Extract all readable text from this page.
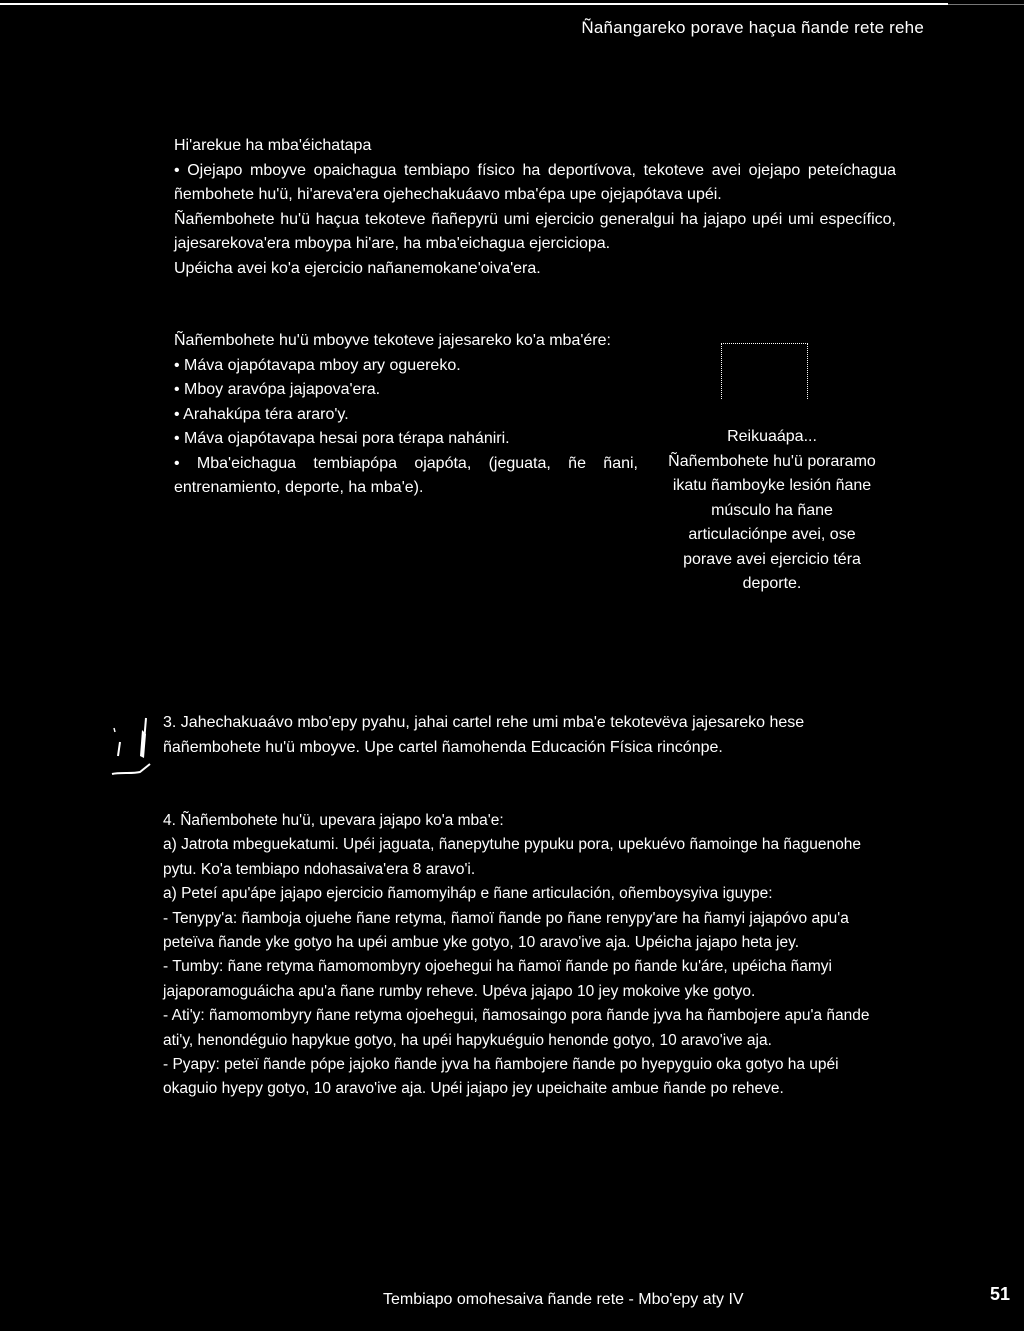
Ñañangareko porave haçua ñande rete rehe

Hi'arekue ha mba'éichatapa

• Ojejapo mboyve opaichagua tembiapo físico ha deportívova, tekoteve avei ojejapo peteíchagua ñembohete hu'ü, hi'areva'era ojehechakuáavo mba'épa upe ojejapótava upéi.

Ñañembohete hu'ü haçua tekoteve ñañepyrü umi ejercicio generalgui ha jajapo upéi umi específico, jajesarekova'era mboypa hi'are, ha mba'eichagua ejerciciopa.

Upéicha avei ko'a ejercicio nañanemokane'oiva'era.

Ñañembohete hu'ü mboyve tekoteve jajesareko ko'a mba'ére:

• Máva ojapótavapa mboy ary oguereko.

• Mboy aravópa jajapova'era.

• Arahakúpa téra araro'y.

• Máva ojapótavapa hesai pora térapa nahániri.

• Mba'eichagua tembiapópa ojapóta, (jeguata, ñe ñani, entrenamiento, deporte, ha mba'e).

Reikuaápa...

Ñañembohete hu'ü poraramo ikatu ñamboyke lesión ñane músculo ha ñane articulaciónpe avei, ose porave avei ejercicio téra deporte.

3. Jahechakuaávo mbo'epy pyahu, jahai cartel rehe umi mba'e tekotevëva jajesareko hese ñañembohete hu'ü mboyve. Upe cartel ñamohenda Educación Física rincónpe.

4. Ñañembohete hu'ü, upevara jajapo ko'a mba'e:

a) Jatrota mbeguekatumi. Upéi jaguata, ñanepytuhe pypuku pora, upekuévo ñamoinge ha ñaguenohe pytu. Ko'a tembiapo ndohasaiva'era 8 aravo'i.

a) Peteí apu'ápe jajapo ejercicio ñamomyiháp e ñane articulación, oñemboysyiva iguype:

- Tenypy'a: ñamboja ojuehe ñane retyma, ñamoï ñande po ñane renypy'are ha ñamyi jajapóvo apu'a peteïva ñande yke gotyo ha upéi ambue yke gotyo, 10 aravo'ive aja. Upéicha jajapo heta jey.

- Tumby: ñane retyma ñamomombyry ojoehegui ha ñamoï ñande po ñande ku'áre, upéicha ñamyi jajaporamoguáicha apu'a ñane rumby reheve. Upéva jajapo 10 jey mokoive yke gotyo.

- Ati'y: ñamomombyry ñane retyma ojoehegui, ñamosaingo pora ñande jyva ha ñambojere apu'a ñande ati'y, henondéguio hapykue gotyo, ha upéi hapykuéguio henonde gotyo, 10 aravo'ive aja.

- Pyapy: peteï ñande pópe jajoko ñande jyva ha ñambojere ñande po hyepyguio oka gotyo ha upéi okaguio hyepy gotyo, 10 aravo'ive aja. Upéi jajapo jey upeichaite ambue ñande po reheve.

Tembiapo omohesaiva ñande rete - Mbo'epy aty IV	51
